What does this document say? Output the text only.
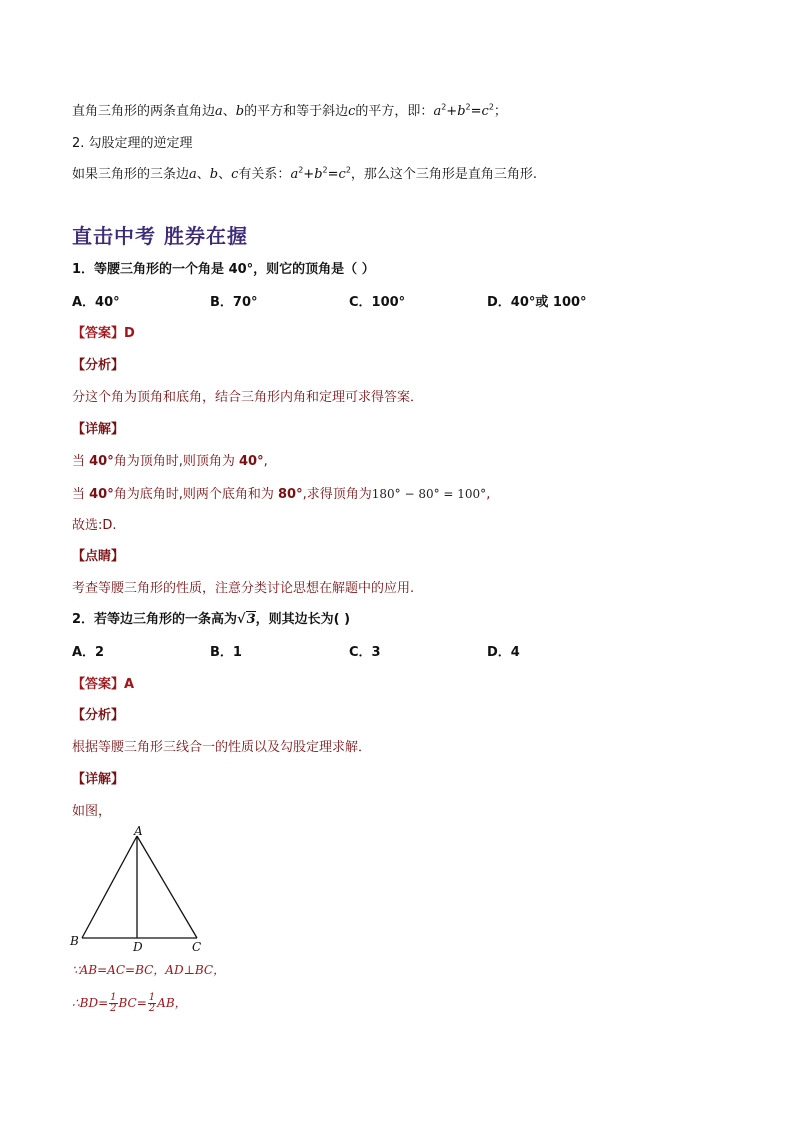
直角三角形的两条直角边a、b的平方和等于斜边c的平方，即：$a^2+b^2=c^2$；
2. 勾股定理的逆定理
如果三角形的三条边a、b、c有关系：$a^2+b^2=c^2$，那么这个三角形是直角三角形.
直击中考 胜券在握
1．等腰三角形的一个角是 40°，则它的顶角是（ ）
A．40°	B．70°	C．100°	D．40°或 100°
【答案】D
【分析】
分这个角为顶角和底角，结合三角形内角和定理可求得答案．
【详解】
当 40°角为顶角时,则顶角为 40°,
当 40°角为底角时,则两个底角和为 80°,求得顶角为180° − 80° = 100°,
故选:D.
【点睛】
考查等腰三角形的性质，注意分类讨论思想在解题中的应用.
2．若等边三角形的一条高为√3，则其边长为( )
A．2	B．1	C．3	D．4
【答案】A
【分析】
根据等腰三角形三线合一的性质以及勾股定理求解．
【详解】
如图，
A
B	D	C
∵AB=AC=BC，AD⊥BC，
∴BD= $\frac{1}{2} BC= \frac{1}{2}$ AB，
